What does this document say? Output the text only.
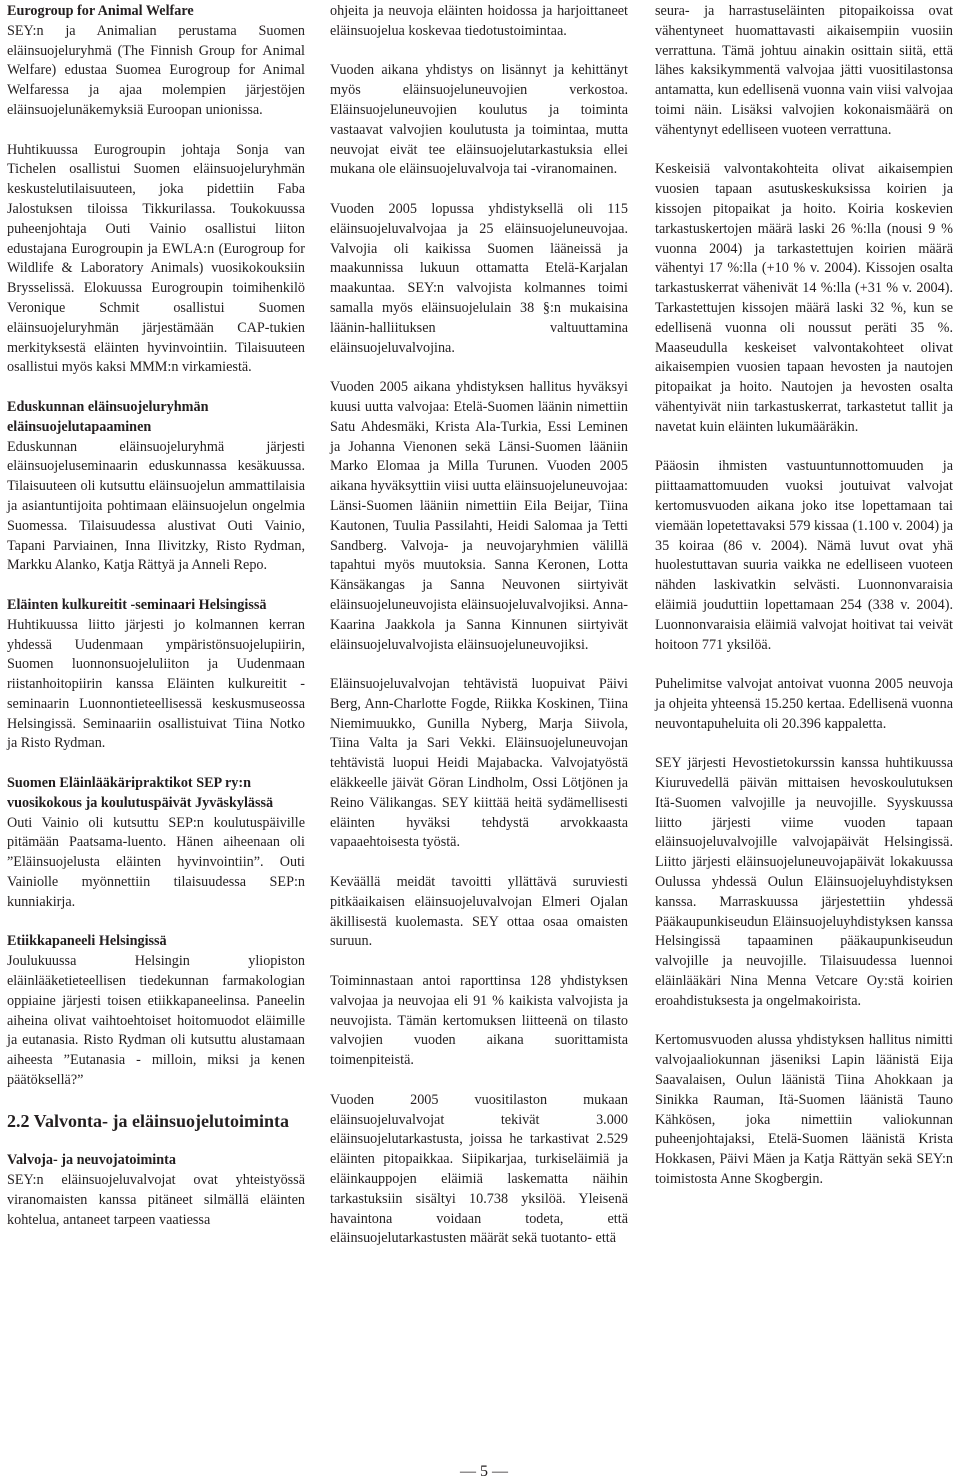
Eurogroup for Animal Welfare

SEY:n ja Animalian perustama Suomen eläinsuojeluryhmä (The Finnish Group for Animal Welfare) edustaa Suomea Eurogroup for Animal Welfaressa ja ajaa molempien järjestöjen eläinsuojelunäkemyksiä Euroopan unionissa.

Huhtikuussa Eurogroupin johtaja Sonja van Tichelen osallistui Suomen eläinsuojeluryhmän keskustelutilaisuuteen, joka pidettiin Faba Jalostuksen tiloissa Tikkurilassa. Toukokuussa puheenjohtaja Outi Vainio osallistui liiton edustajana Eurogroupin ja EWLA:n (Eurogroup for Wildlife & Laboratory Animals) vuosikokouksiin Brysselissä. Elokuussa Eurogroupin toimihenkilö Veronique Schmit osallistui Suomen eläinsuojeluryhmän järjestämään CAP-tukien merkityksestä eläinten hyvinvointiin. Tilaisuuteen osallistui myös kaksi MMM:n virkamiestä.

Eduskunnan eläinsuojeluryhmän eläinsuojelutapaaminen

Eduskunnan eläinsuojeluryhmä järjesti eläinsuojeluseminaarin eduskunnassa kesäkuussa. Tilaisuuteen oli kutsuttu eläinsuojelun ammattilaisia ja asiantuntijoita pohtimaan eläinsuojelun ongelmia Suomessa. Tilaisuudessa alustivat Outi Vainio, Tapani Parviainen, Inna Ilivitzky, Risto Rydman, Markku Alanko, Katja Rättyä ja Anneli Repo.

Eläinten kulkureitit -seminaari Helsingissä

Huhtikuussa liitto järjesti jo kolmannen kerran yhdessä Uudenmaan ympäristönsuojelupiirin, Suomen luonnonsuojeluliiton ja Uudenmaan riistanhoitopiirin kanssa Eläinten kulkureitit -seminaarin Luonnontieteellisessä keskusmuseossa Helsingissä. Seminaariin osallistuivat Tiina Notko ja Risto Rydman.

Suomen Eläinlääkäripraktikot SEP ry:n vuosikokous ja koulutuspäivät Jyväskylässä

Outi Vainio oli kutsuttu SEP:n koulutuspäiville pitämään Paatsama-luento. Hänen aiheenaan oli ”Eläinsuojelusta eläinten hyvinvointiin”. Outi Vainiolle myönnettiin tilaisuudessa SEP:n kunniakirja.

Etiikkapaneeli Helsingissä

Joulukuussa Helsingin yliopiston eläinlääketieteellisen tiedekunnan farmakologian oppiaine järjesti toisen etiikkapaneelinsa. Paneelin aiheina olivat vaihtoehtoiset hoitomuodot eläimille ja eutanasia. Risto Rydman oli kutsuttu alustamaan aiheesta ”Eutanasia - milloin, miksi ja kenen päätöksellä?”

2.2 Valvonta- ja eläinsuojelutoiminta
Valvoja- ja neuvojatoiminta

SEY:n eläinsuojeluvalvojat ovat yhteistyössä viranomaisten kanssa pitäneet silmällä eläinten kohtelua, antaneet tarpeen vaatiessa

ohjeita ja neuvoja eläinten hoidossa ja harjoittaneet eläinsuojelua koskevaa tiedotustoimintaa.

Vuoden aikana yhdistys on lisännyt ja kehittänyt myös eläinsuojeluneuvojien verkostoa. Eläinsuojeluneuvojien koulutus ja toiminta vastaavat valvojien koulutusta ja toimintaa, mutta neuvojat eivät tee eläinsuojelutarkastuksia ellei mukana ole eläinsuojeluvalvoja tai -viranomainen.

Vuoden 2005 lopussa yhdistyksellä oli 115 eläinsuojeluvalvojaa ja 25 eläinsuojeluneuvojaa. Valvojia oli kaikissa Suomen lääneissä ja maakunnissa lukuun ottamatta Etelä-Karjalan maakuntaa. SEY:n valvojista kolmannes toimi samalla myös eläinsuojelulain 38 §:n mukaisina läänin-halliituksen valtuuttamina eläinsuojeluvalvojina.

Vuoden 2005 aikana yhdistyksen hallitus hyväksyi kuusi uutta valvojaa: Etelä-Suomen läänin nimettiin Satu Ahdesmäki, Krista Ala-Turkia, Essi Leminen ja Johanna Vienonen sekä Länsi-Suomen lääniin Marko Elomaa ja Milla Turunen. Vuoden 2005 aikana hyväksyttiin viisi uutta eläinsuojeluneuvojaa: Länsi-Suomen lääniin nimettiin Eila Beijar, Tiina Kautonen, Tuulia Passilahti, Heidi Salomaa ja Tetti Sandberg. Valvoja- ja neuvojaryhmien välillä tapahtui myös muutoksia. Sanna Keronen, Lotta Känsäkangas ja Sanna Neuvonen siirtyivät eläinsuojeluneuvojista eläinsuojeluvalvojiksi. Anna-Kaarina Jaakkola ja Sanna Kinnunen siirtyivät eläinsuojeluvalvojista eläinsuojeluneuvojiksi.

Eläinsuojeluvalvojan tehtävistä luopuivat Päivi Berg, Ann-Charlotte Fogde, Riikka Koskinen, Tiina Niemimuukko, Gunilla Nyberg, Marja Siivola, Tiina Valta ja Sari Vekki. Eläinsuojeluneuvojan tehtävistä luopui Heidi Majabacka. Valvojatyöstä eläkkeelle jäivät Göran Lindholm, Ossi Lötjönen ja Reino Välikangas. SEY kiittää heitä sydämellisesti eläinten hyväksi tehdystä arvokkaasta vapaaehtoisesta työstä.

Keväällä meidät tavoitti yllättävä suruviesti pitkäaikaisen eläinsuojeluvalvojan Elmeri Ojalan äkillisestä kuolemasta. SEY ottaa osaa omaisten suruun.

Toiminnastaan antoi raporttinsa 128 yhdistyksen valvojaa ja neuvojaa eli 91 % kaikista valvojista ja neuvojista. Tämän kertomuksen liitteenä on tilasto valvojien vuoden aikana suorittamista toimenpiteistä.

Vuoden 2005 vuositilaston mukaan eläinsuojeluvalvojat tekivät 3.000 eläinsuojelutarkastusta, joissa he tarkastivat 2.529 eläinten pitopaikkaa. Siipikarjaa, turkiseläimiä ja eläinkauppojen eläimiä laskematta näihin tarkastuksiin sisältyi 10.738 yksilöä. Yleisenä havaintona voidaan todeta, että eläinsuojelutarkastusten määrät sekä tuotanto- että

seura- ja harrastuseläinten pitopaikoissa ovat vähentyneet huomattavasti aikaisempiin vuosiin verrattuna. Tämä johtuu ainakin osittain siitä, että lähes kaksikymmentä valvojaa jätti vuositilastonsa antamatta, kun edellisenä vuonna vain viisi valvojaa toimi näin. Lisäksi valvojien kokonaismäärä on vähentynyt edelliseen vuoteen verrattuna.

Keskeisiä valvontakohteita olivat aikaisempien vuosien tapaan asutuskeskuksissa koirien ja kissojen pitopaikat ja hoito. Koiria koskevien tarkastuskertojen määrä laski 26 %:lla (nousi 9 % vuonna 2004) ja tarkastettujen koirien määrä vähentyi 17 %:lla (+10 % v. 2004). Kissojen osalta tarkastuskerrat vähenivät 14 %:lla (+31 % v. 2004). Tarkastettujen kissojen määrä laski 32 %, kun se edellisenä vuonna oli noussut peräti 35 %. Maaseudulla keskeiset valvontakohteet olivat aikaisempien vuosien tapaan hevosten ja nautojen pitopaikat ja hoito. Nautojen ja hevosten osalta vähentyivät niin tarkastuskerrat, tarkastetut tallit ja navetat kuin eläinten lukumääräkin.

Pääosin ihmisten vastuuntunnottomuuden ja piittaamattomuuden vuoksi joutuivat valvojat kertomusvuoden aikana joko itse lopettamaan tai viemään lopetettavaksi 579 kissaa (1.100 v. 2004) ja 35 koiraa (86 v. 2004). Nämä luvut ovat yhä huolestuttavan suuria vaikka ne edelliseen vuoteen nähden laskivatkin selvästi. Luonnonvaraisia eläimiä jouduttiin lopettamaan 254 (338 v. 2004). Luonnonvaraisia eläimiä valvojat hoitivat tai veivät hoitoon 771 yksilöä.

Puhelimitse valvojat antoivat vuonna 2005 neuvoja ja ohjeita yhteensä 15.250 kertaa. Edellisenä vuonna neuvontapuheluita oli 20.396 kappaletta.

SEY järjesti Hevostietokurssin kanssa huhtikuussa Kiuruvedellä päivän mittaisen hevoskoulutuksen Itä-Suomen valvojille ja neuvojille. Syyskuussa liitto järjesti viime vuoden tapaan eläinsuojeluvalvojille valvojapäivät Helsingissä. Liitto järjesti eläinsuojeluneuvojapäivät lokakuussa Oulussa yhdessä Oulun Eläinsuojeluyhdistyksen kanssa. Marraskuussa järjestettiin yhdessä Pääkaupunkiseudun Eläinsuojeluyhdistyksen kanssa Helsingissä tapaaminen pääkaupunkiseudun valvojille ja neuvojille. Tilaisuudessa luennoi eläinlääkäri Nina Menna Vetcare Oy:stä koirien eroahdistuksesta ja ongelmakoirista.

Kertomusvuoden alussa yhdistyksen hallitus nimitti valvojaaliokunnan jäseniksi Lapin läänistä Eija Saavalaisen, Oulun läänistä Tiina Ahokkaan ja Sinikka Rauman, Itä-Suomen läänistä Tauno Kähkösen, joka nimettiin valiokunnan puheenjohtajaksi, Etelä-Suomen läänistä Krista Hokkasen, Päivi Mäen ja Katja Rättyän sekä SEY:n toimistosta Anne Skogbergin.

— 5 —
